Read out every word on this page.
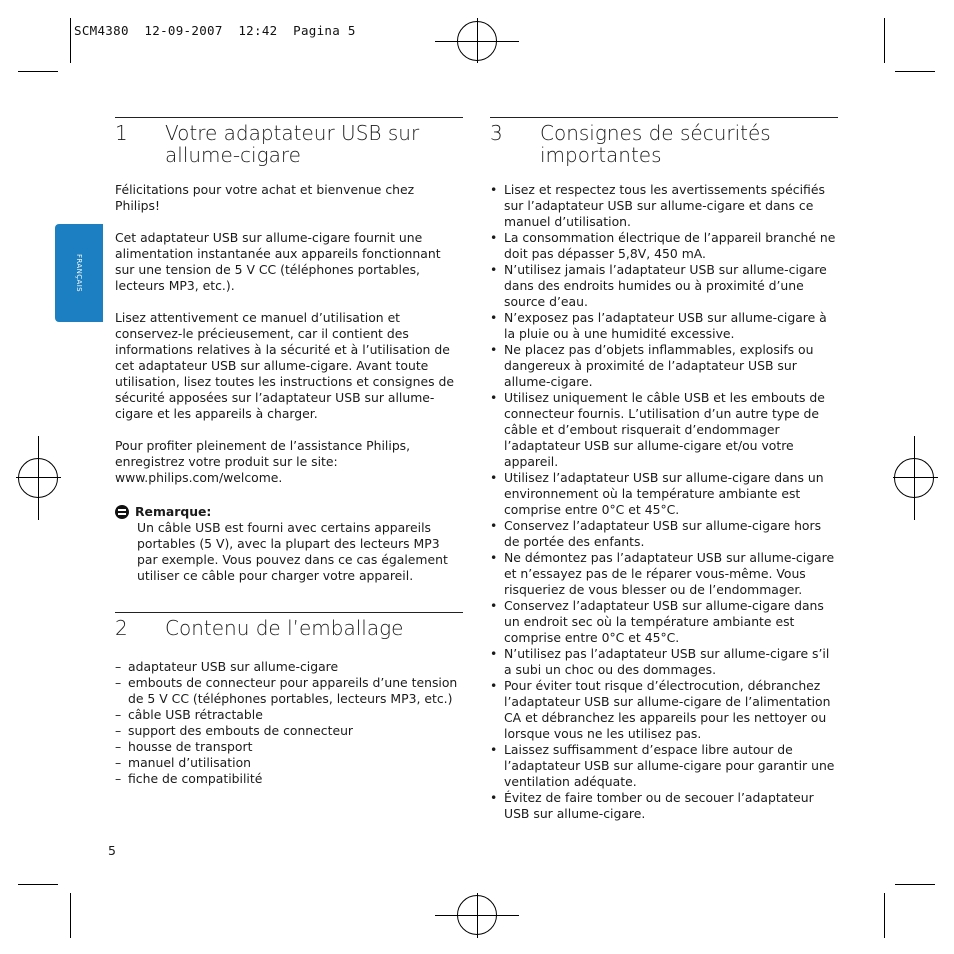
SCM4380  12-09-2007  12:42  Pagina 5
FRANÇAIS
1	Votre adaptateur USB sur allume-cigare

Félicitations pour votre achat et bienvenue chez Philips!

Cet adaptateur USB sur allume-cigare fournit une alimentation instantanée aux appareils fonctionnant sur une tension de 5 V CC (téléphones portables, lecteurs MP3, etc.).

Lisez attentivement ce manuel d’utilisation et conservez-le précieusement, car il contient des informations relatives à la sécurité et à l’utilisation de cet adaptateur USB sur allume-cigare. Avant toute utilisation, lisez toutes les instructions et consignes de sécurité apposées sur l’adaptateur USB sur allume-cigare et les appareils à charger.

Pour profiter pleinement de l’assistance Philips, enregistrez votre produit sur le site: www.philips.com/welcome.

Remarque:

Un câble USB est fourni avec certains appareils portables (5 V), avec la plupart des lecteurs MP3 par exemple. Vous pouvez dans ce cas également utiliser ce câble pour charger votre appareil.

2	Contenu de l’emballage
– adaptateur USB sur allume-cigare
– embouts de connecteur pour appareils d’une tension de 5 V CC (téléphones portables, lecteurs MP3, etc.)
– câble USB rétractable
– support des embouts de connecteur
– housse de transport
– manuel d’utilisation
– fiche de compatibilité
3	Consignes de sécurités importantes
• Lisez et respectez tous les avertissements spécifiés sur l’adaptateur USB sur allume-cigare et dans ce manuel d’utilisation.
• La consommation électrique de l’appareil branché ne doit pas dépasser 5,8V, 450 mA.
• N’utilisez jamais l’adaptateur USB sur allume-cigare dans des endroits humides ou à proximité d’une source d’eau.
• N’exposez pas l’adaptateur USB sur allume-cigare à la pluie ou à une humidité excessive.
• Ne placez pas d’objets inflammables, explosifs ou dangereux à proximité de l’adaptateur USB sur allume-cigare.
• Utilisez uniquement le câble USB et les embouts de connecteur fournis. L’utilisation d’un autre type de câble et d’embout risquerait d’endommager l’adaptateur USB sur allume-cigare et/ou votre appareil.
• Utilisez l’adaptateur USB sur allume-cigare dans un environnement où la température ambiante est comprise entre 0°C et 45°C.
• Conservez l’adaptateur USB sur allume-cigare hors de portée des enfants.
• Ne démontez pas l’adaptateur USB sur allume-cigare et n’essayez pas de le réparer vous-même. Vous risqueriez de vous blesser ou de l’endommager.
• Conservez l’adaptateur USB sur allume-cigare dans un endroit sec où la température ambiante est comprise entre 0°C et 45°C.
• N’utilisez pas l’adaptateur USB sur allume-cigare s’il a subi un choc ou des dommages.
• Pour éviter tout risque d’électrocution, débranchez l’adaptateur USB sur allume-cigare de l’alimentation CA et débranchez les appareils pour les nettoyer ou lorsque vous ne les utilisez pas.
• Laissez suffisamment d’espace libre autour de l’adaptateur USB sur allume-cigare pour garantir une ventilation adéquate.
• Évitez de faire tomber ou de secouer l’adaptateur USB sur allume-cigare.
5
